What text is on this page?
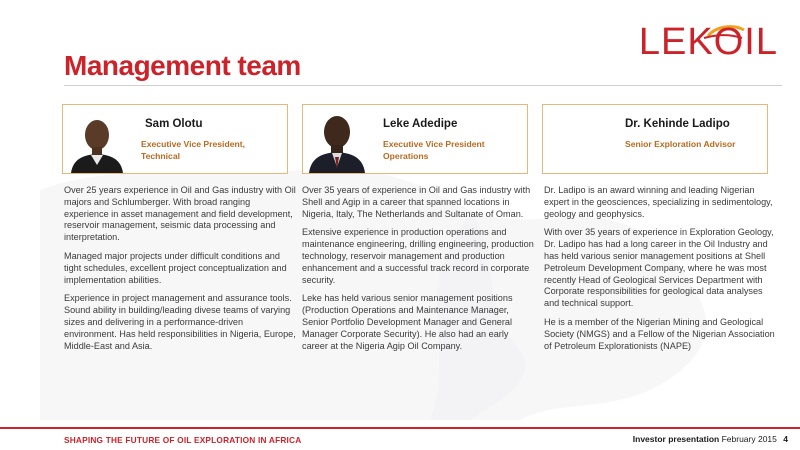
LEKOIL
Management team
Sam Olotu
Executive Vice President, Technical
Leke Adedipe
Executive Vice President Operations
Dr. Kehinde Ladipo
Senior Exploration Advisor

Over 25 years experience in Oil and Gas industry with Oil majors and Schlumberger. With broad ranging experience in asset management and field development, reservoir management, seismic data processing and interpretation.

Managed major projects under difficult conditions and tight schedules, excellent project conceptualization and implementation abilities.

Experience in project management and assurance tools. Sound ability in building/leading divese teams of varying sizes and delivering in a performance-driven environment. Has held responsibilities in Nigeria, Europe, Middle-East and Asia.

Over 35 years of experience in Oil and Gas industry with Shell and Agip in a career that spanned locations in Nigeria, Italy, The Netherlands and Sultanate of Oman.

Extensive experience in production operations and maintenance engineering, drilling engineering, production technology, reservoir management and production enhancement and a successful track record in corporate security.

Leke has held various senior management positions (Production Operations and Maintenance Manager, Senior Portfolio Development Manager and General Manager Corporate Security). He also had an early career at the Nigeria Agip Oil Company.

Dr. Ladipo is an award winning and leading Nigerian expert in the geosciences, specializing in sedimentology, geology and geophysics.

With over 35 years of experience in Exploration Geology, Dr. Ladipo has had a long career in the Oil Industry and has held various senior management positions at Shell Petroleum Development Company, where he was most recently Head of Geological Services Department with Corporate responsibilities for geological data analyses and technical support.

He is a member of the Nigerian Mining and Geological Society (NMGS) and a Fellow of the Nigerian Association of Petroleum Explorationists (NAPE)

SHAPING THE FUTURE OF OIL EXPLORATION IN AFRICA	Investor presentation February 2015 4
